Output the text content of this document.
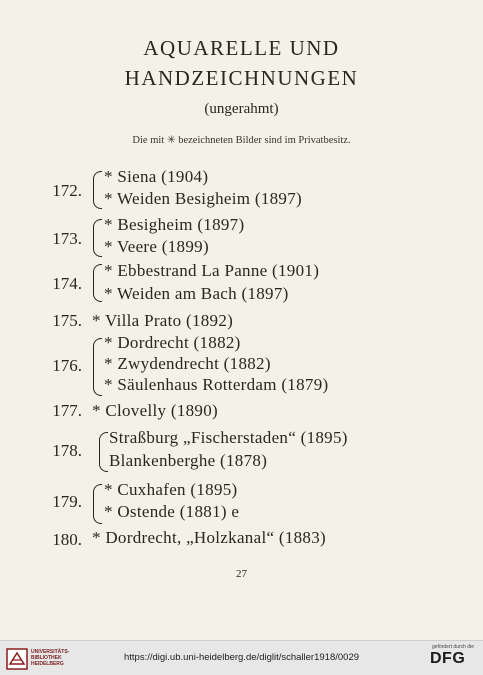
AQUARELLE UND
HANDZEICHNUNGEN
(ungerahmt)
Die mit ✳ bezeichneten Bilder sind im Privatbesitz.
172.
* Siena (1904)
* Weiden Besigheim (1897)
173.
* Besigheim (1897)
* Veere (1899)
174.
* Ebbestrand La Panne (1901)
* Weiden am Bach (1897)
175. * Villa Prato (1892)
176.
* Dordrecht (1882)
* Zwydendrecht (1882)
* Säulenhaus Rotterdam (1879)
177. * Clovelly (1890)
178.
Straßburg „Fischerstaden“ (1895)
Blankenberghe (1878)
179.
* Cuxhafen (1895)
* Ostende (1881) e
180. * Dordrecht, „Holzkanal“ (1883)
27
UNIVERSITÄTS-
BIBLIOTHEK
HEIDELBERG
https://digi.ub.uni-heidelberg.de/diglit/schaller1918/0029
gefördert durch die
DFG
